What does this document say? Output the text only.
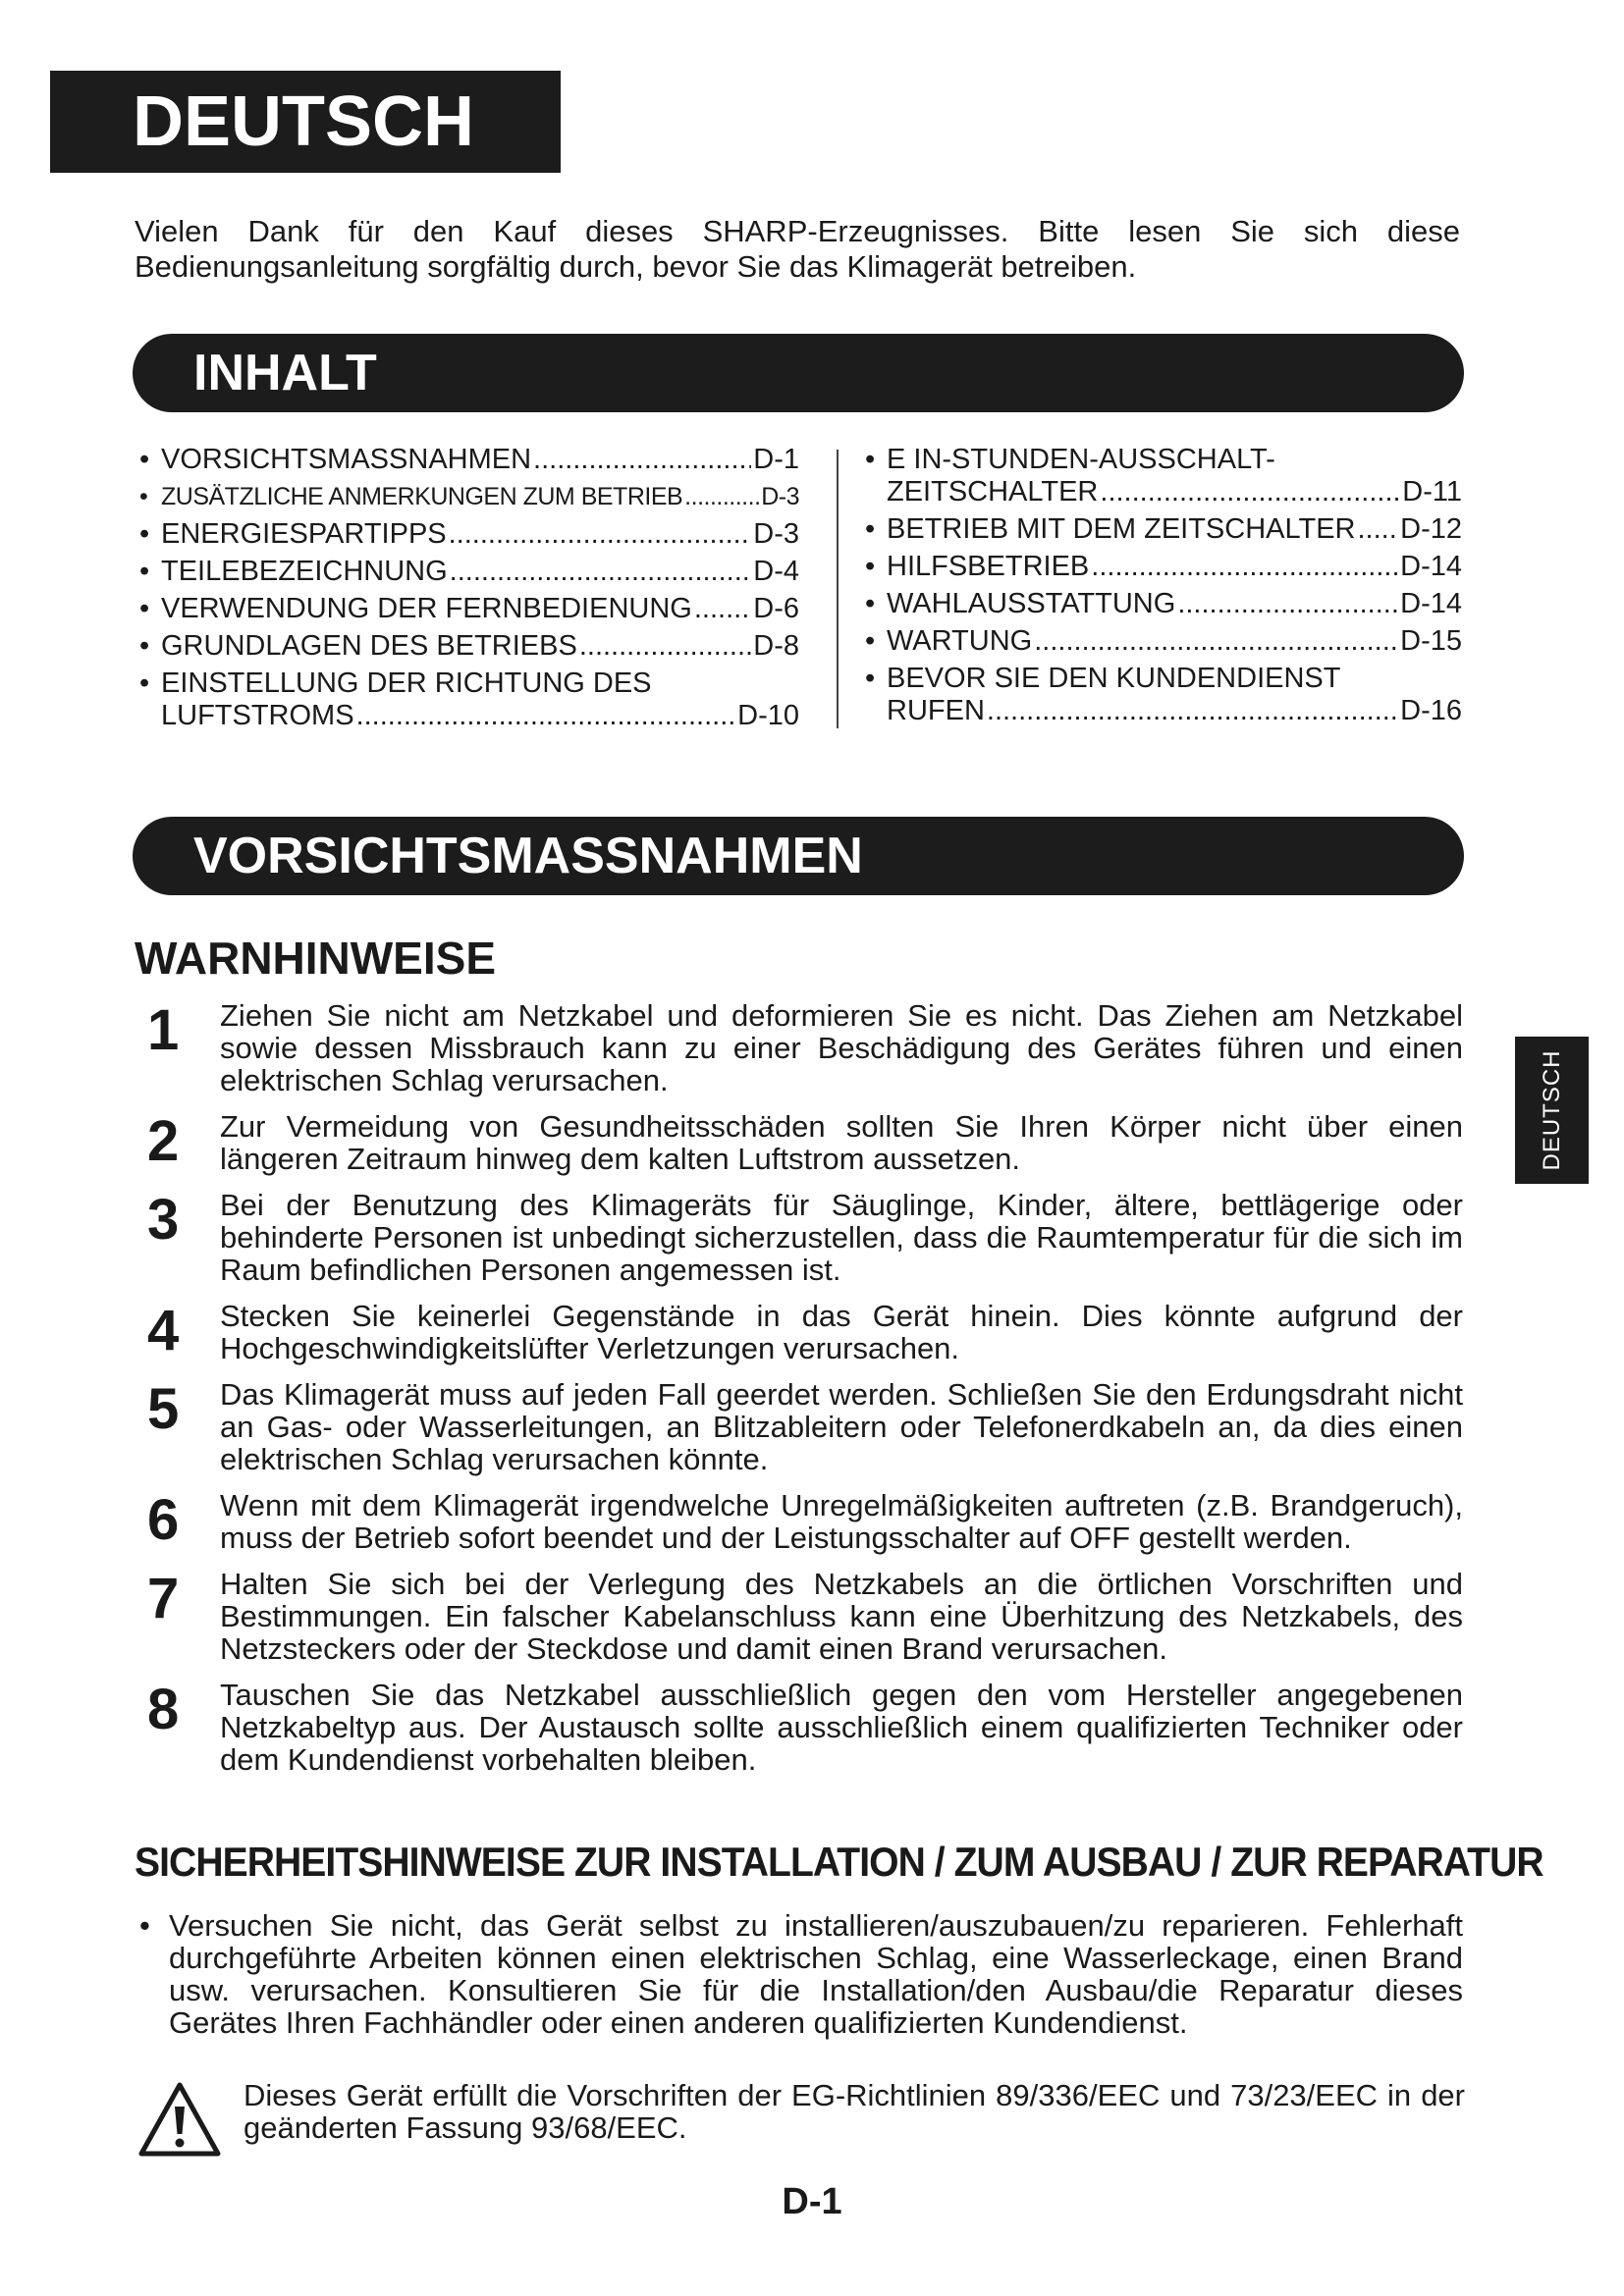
DEUTSCH
Vielen Dank für den Kauf dieses SHARP-Erzeugnisses. Bitte lesen Sie sich diese Bedienungsanleitung sorgfältig durch, bevor Sie das Klimagerät betreiben.
INHALT
• VORSICHTSMASSNAHMEN .....	D-1
• ZUSÄTZLICHE ANMERKUNGEN ZUM BETRIEB .....	D-3
• ENERGIESPARTIPPS .....	D-3
• TEILEBEZEICHNUNG .....	D-4
• VERWENDUNG DER FERNBEDIENUNG ..... D-6
• GRUNDLAGEN DES BETRIEBS .....	D-8
• EINSTELLUNG DER RICHTUNG DES
LUFTSTROMS .....	D-10
• E IN-STUNDEN-AUSSCHALT-
ZEITSCHALTER .....	D-11
• BETRIEB MIT DEM ZEITSCHALTER ..... D-12
• HILFSBETRIEB .....	D-14
• WAHLAUSSTATTUNG .....	D-14
• WARTUNG .....	D-15
• BEVOR SIE DEN KUNDENDIENST
RUFEN .....	D-16
VORSICHTSMASSNAHMEN
WARNHINWEISE
1 Ziehen Sie nicht am Netzkabel und deformieren Sie es nicht. Das Ziehen am Netzkabel sowie dessen Missbrauch kann zu einer Beschädigung des Gerätes führen und einen elektrischen Schlag verursachen.
2 Zur Vermeidung von Gesundheitsschäden sollten Sie Ihren Körper nicht über einen längeren Zeitraum hinweg dem kalten Luftstrom aussetzen.
3 Bei der Benutzung des Klimageräts für Säuglinge, Kinder, ältere, bettlägerige oder behinderte Personen ist unbedingt sicherzustellen, dass die Raumtemperatur für die sich im Raum befindlichen Personen angemessen ist.
4 Stecken Sie keinerlei Gegenstände in das Gerät hinein. Dies könnte aufgrund der Hochgeschwindigkeitslüfter Verletzungen verursachen.
5 Das Klimagerät muss auf jeden Fall geerdet werden. Schließen Sie den Erdungsdraht nicht an Gas- oder Wasserleitungen, an Blitzableitern oder Telefonerdkabeln an, da dies einen elektrischen Schlag verursachen könnte.
6 Wenn mit dem Klimagerät irgendwelche Unregelmäßigkeiten auftreten (z.B. Brandgeruch), muss der Betrieb sofort beendet und der Leistungsschalter auf OFF gestellt werden.
7 Halten Sie sich bei der Verlegung des Netzkabels an die örtlichen Vorschriften und Bestimmungen. Ein falscher Kabelanschluss kann eine Überhitzung des Netzkabels, des Netzsteckers oder der Steckdose und damit einen Brand verursachen.
8 Tauschen Sie das Netzkabel ausschließlich gegen den vom Hersteller angegebenen Netzkabeltyp aus. Der Austausch sollte ausschließlich einem qualifizierten Techniker oder dem Kundendienst vorbehalten bleiben.
SICHERHEITSHINWEISE ZUR INSTALLATION / ZUM AUSBAU / ZUR REPARATUR
• Versuchen Sie nicht, das Gerät selbst zu installieren/auszubauen/zu reparieren. Fehlerhaft durchgeführte Arbeiten können einen elektrischen Schlag, eine Wasserleckage, einen Brand usw. verursachen. Konsultieren Sie für die Installation/den Ausbau/die Reparatur dieses Gerätes Ihren Fachhändler oder einen anderen qualifizierten Kundendienst.
Dieses Gerät erfüllt die Vorschriften der EG-Richtlinien 89/336/EEC und 73/23/EEC in der geänderten Fassung 93/68/EEC.
D-1
DEUTSCH
